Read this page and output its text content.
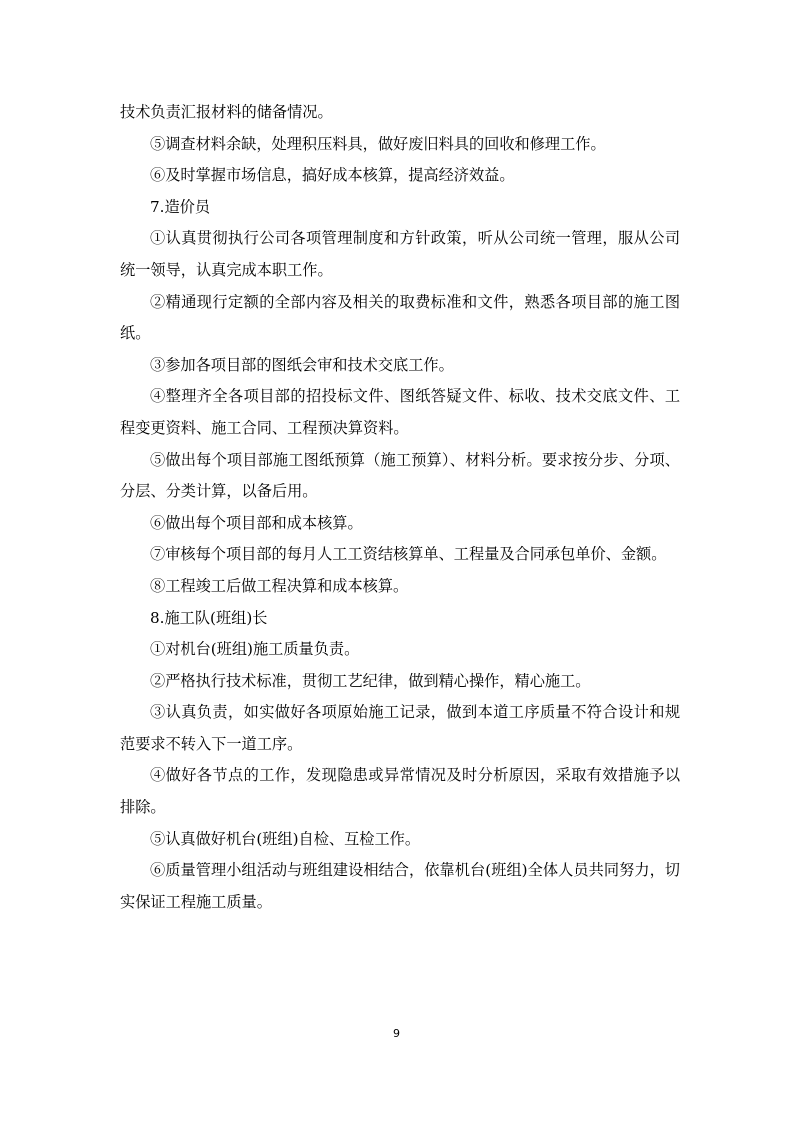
技术负责汇报材料的储备情况。

⑤调查材料余缺，处理积压料具，做好废旧料具的回收和修理工作。

⑥及时掌握市场信息，搞好成本核算，提高经济效益。

7.造价员

①认真贯彻执行公司各项管理制度和方针政策，听从公司统一管理，服从公司统一领导，认真完成本职工作。

②精通现行定额的全部内容及相关的取费标准和文件，熟悉各项目部的施工图纸。

③参加各项目部的图纸会审和技术交底工作。

④整理齐全各项目部的招投标文件、图纸答疑文件、标收、技术交底文件、工程变更资料、施工合同、工程预决算资料。

⑤做出每个项目部施工图纸预算（施工预算）、材料分析。要求按分步、分项、分层、分类计算，以备后用。

⑥做出每个项目部和成本核算。

⑦审核每个项目部的每月人工工资结核算单、工程量及合同承包单价、金额。

⑧工程竣工后做工程决算和成本核算。

8.施工队(班组)长

①对机台(班组)施工质量负责。

②严格执行技术标准，贯彻工艺纪律，做到精心操作，精心施工。

③认真负责，如实做好各项原始施工记录，做到本道工序质量不符合设计和规范要求不转入下一道工序。

④做好各节点的工作，发现隐患或异常情况及时分析原因，采取有效措施予以排除。

⑤认真做好机台(班组)自检、互检工作。

⑥质量管理小组活动与班组建设相结合，依靠机台(班组)全体人员共同努力，切实保证工程施工质量。

9
